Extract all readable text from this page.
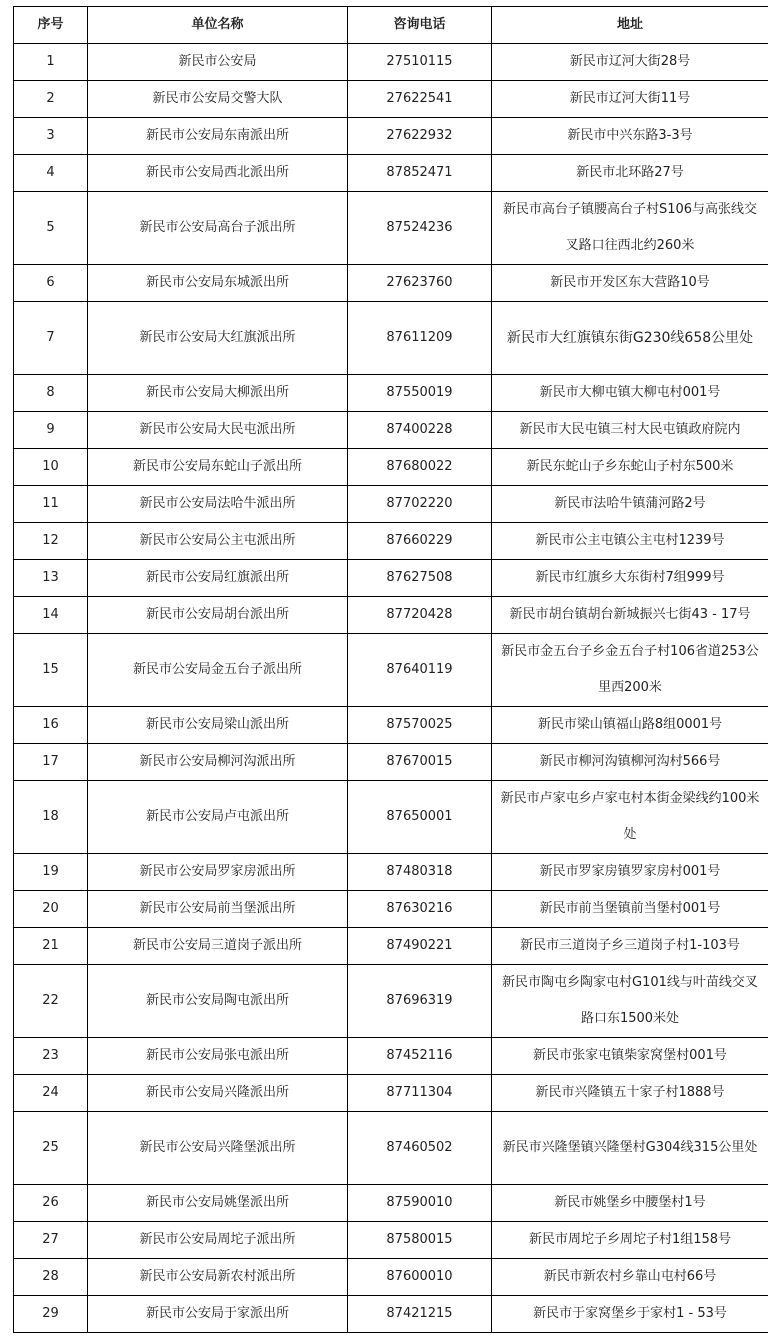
序号	单位名称	咨询电话	地址
1	新民市公安局	27510115	新民市辽河大街28号
2	新民市公安局交警大队	27622541	新民市辽河大街11号
3	新民市公安局东南派出所	27622932	新民市中兴东路3-3号
4	新民市公安局西北派出所	87852471	新民市北环路27号
5	新民市公安局高台子派出所	87524236	新民市高台子镇腰高台子村S106与高张线交叉路口往西北约260米
6	新民市公安局东城派出所	27623760	新民市开发区东大营路10号
7	新民市公安局大红旗派出所	87611209	新民市大红旗镇东街G230线658公里处
8	新民市公安局大柳派出所	87550019	新民市大柳屯镇大柳屯村001号
9	新民市公安局大民屯派出所	87400228	新民市大民屯镇三村大民屯镇政府院内
10	新民市公安局东蛇山子派出所	87680022	新民东蛇山子乡东蛇山子村东500米
11	新民市公安局法哈牛派出所	87702220	新民市法哈牛镇蒲河路2号
12	新民市公安局公主屯派出所	87660229	新民市公主屯镇公主屯村1239号
13	新民市公安局红旗派出所	87627508	新民市红旗乡大东街村7组999号
14	新民市公安局胡台派出所	87720428	新民市胡台镇胡台新城振兴七街43 - 17号
15	新民市公安局金五台子派出所	87640119	新民市金五台子乡金五台子村106省道253公里西200米
16	新民市公安局梁山派出所	87570025	新民市梁山镇福山路8组0001号
17	新民市公安局柳河沟派出所	87670015	新民市柳河沟镇柳河沟村566号
18	新民市公安局卢屯派出所	87650001	新民市卢家屯乡卢家屯村本街金梁线约100米处
19	新民市公安局罗家房派出所	87480318	新民市罗家房镇罗家房村001号
20	新民市公安局前当堡派出所	87630216	新民市前当堡镇前当堡村001号
21	新民市公安局三道岗子派出所	87490221	新民市三道岗子乡三道岗子村1-103号
22	新民市公安局陶屯派出所	87696319	新民市陶屯乡陶家屯村G101线与叶苗线交叉路口东1500米处
23	新民市公安局张屯派出所	87452116	新民市张家屯镇柴家窝堡村001号
24	新民市公安局兴隆派出所	87711304	新民市兴隆镇五十家子村1888号
25	新民市公安局兴隆堡派出所	87460502	新民市兴隆堡镇兴隆堡村G304线315公里处
26	新民市公安局姚堡派出所	87590010	新民市姚堡乡中腰堡村1号
27	新民市公安局周坨子派出所	87580015	新民市周坨子乡周坨子村1组158号
28	新民市公安局新农村派出所	87600010	新民市新农村乡靠山屯村66号
29	新民市公安局于家派出所	87421215	新民市于家窝堡乡于家村1 - 53号
